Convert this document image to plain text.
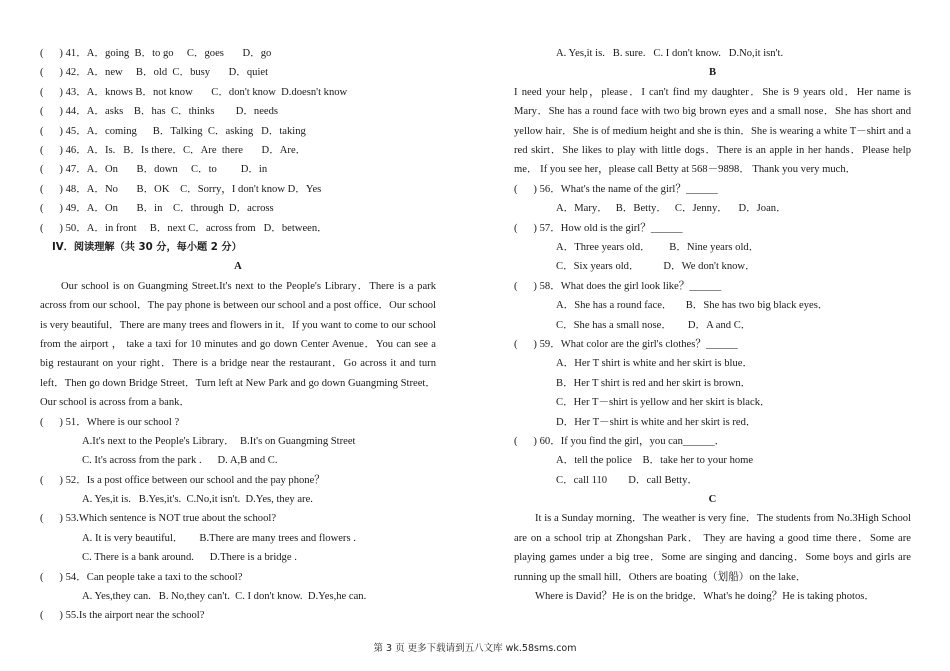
(      ) 41．A．going  B．to go     C．goes       D．go
(      ) 42．A．new     B．old  C．busy       D．quiet
(      ) 43．A．knows B．not know       C．don't know  D.doesn't know
(      ) 44．A．asks    B．has  C．thinks        D．needs
(      ) 45．A．coming      B．Talking  C．asking   D．taking
(      ) 46．A．Is.   B．Is there．C．Are  there       D．Are．
(      ) 47．A．On       B．down     C．to         D．in
(      ) 48．A．No       B．OK    C．Sorry，I don't know D．Yes
(      ) 49．A．On       B．in    C．through  D．across
(      ) 50．A．in front     B．next C．across from   D．between．
IV．阅读理解（共 30 分，每小题 2 分）
A

Our school is on Guangming Street.It's next to the People's Library．There is a park across from our school．The pay phone is between our school and a post office．Our school is very beautiful．There are many trees and flowers in it．If you want to come to our school from the airport ， take a taxi for 10 minutes and go down Center Avenue．You can see a big restaurant on your right．There is a bridge near the restaurant．Go across it and turn left．Then go down Bridge Street．Turn left at New Park and go down Guangming Street．Our school is across from a bank．

(      ) 51．Where is our school ?
A.It's next to the People's Library．  B.It's on Guangming Street
C. It's across from the park .      D. A,B and C.
(      ) 52．Is a post office between our school and the pay phone？
A. Yes,it is.   B.Yes,it's.  C.No,it isn't.  D.Yes, they are.
(      ) 53.Which sentence is NOT true about the school?
A. It is very beautiful．      B.There are many trees and flowers .
C. There is a bank around.      D.There is a bridge .
(      ) 54．Can people take a taxi to the school?
A. Yes,they can.   B. No,they can't.  C. I don't know.  D.Yes,he can.
(      ) 55.Is the airport near the school?
A. Yes,it is.   B. sure.   C. I don't know.   D.No,it isn't.
B

I need your help，please．I can't find my daughter．She is 9 years old．Her name is Mary．She has a round face with two big brown eyes and a small nose．She has short and yellow hair．She is of medium height and she is thin．She is wearing a white T－shirt and a red skirt．She likes to play with little dogs．There is an apple in her hands．Please help me． If you see her，please call Betty at 568－9898． Thank you very much．

(      ) 56．What's the name of the girl？______
A．Mary．   B．Betty．   C．Jenny．    D．Joan．
(      ) 57．How old is the girl？______
A．Three years old．       B．Nine years old．
C．Six years old．         D．We don't know．
(      ) 58．What does the girl look like？______
A．She has a round face．     B．She has two big black eyes．
C．She has a small nose．      D．A and C．
(      ) 59．What color are the girl's clothes？______
A．Her T shirt is white and her skirt is blue．
B．Her T shirt is red and her skirt is brown．
C．Her T－shirt is yellow and her skirt is black．
D．Her T－shirt is white and her skirt is red．
(      ) 60．If you find the girl，you can______．
A．tell the police    B．take her to your home
C．call 110        D．call Betty．
C

It is a Sunday morning．The weather is very fine．The students from No.3High School are on a school trip at Zhongshan Park． They are having a good time there．Some are playing games under a big tree．Some are singing and dancing．Some boys and girls are running up the small hill．Others are boating（划船）on the lake．

Where is David？He is on the bridge．What's he doing？He is taking photos．

第 3 页 更多下载请到五八文库 wk.58sms.com
